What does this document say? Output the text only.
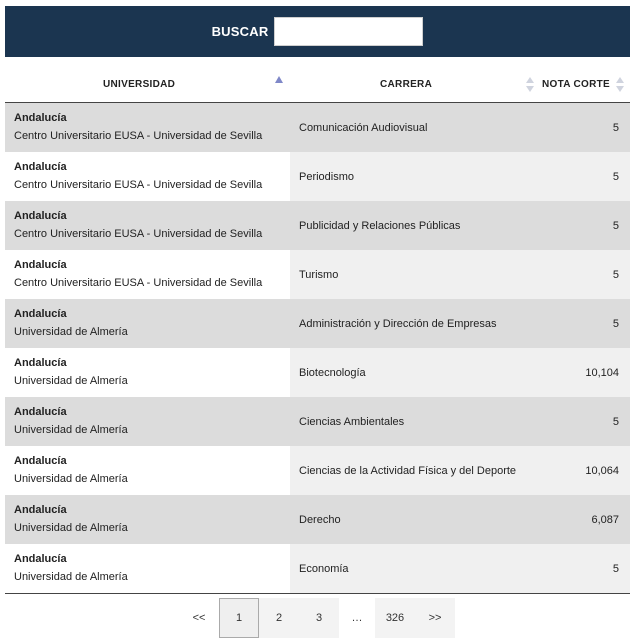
BUSCAR
UNIVERSIDAD	CARRERA	NOTA CORTE
Andalucía
Centro Universitario EUSA - Universidad de Sevilla
Comunicación Audiovisual	5
Andalucía
Centro Universitario EUSA - Universidad de Sevilla
Periodismo	5
Andalucía
Centro Universitario EUSA - Universidad de Sevilla
Publicidad y Relaciones Públicas	5
Andalucía
Centro Universitario EUSA - Universidad de Sevilla
Turismo	5
Andalucía
Universidad de Almería
Administración y Dirección de Empresas	5
Andalucía
Universidad de Almería
Biotecnología	10,104
Andalucía
Universidad de Almería
Ciencias Ambientales	5
Andalucía
Universidad de Almería
Ciencias de la Actividad Física y del Deporte	10,064
Andalucía
Universidad de Almería
Derecho	6,087
Andalucía
Universidad de Almería
Economía	5
<<	1	2	3	…	326	>>
